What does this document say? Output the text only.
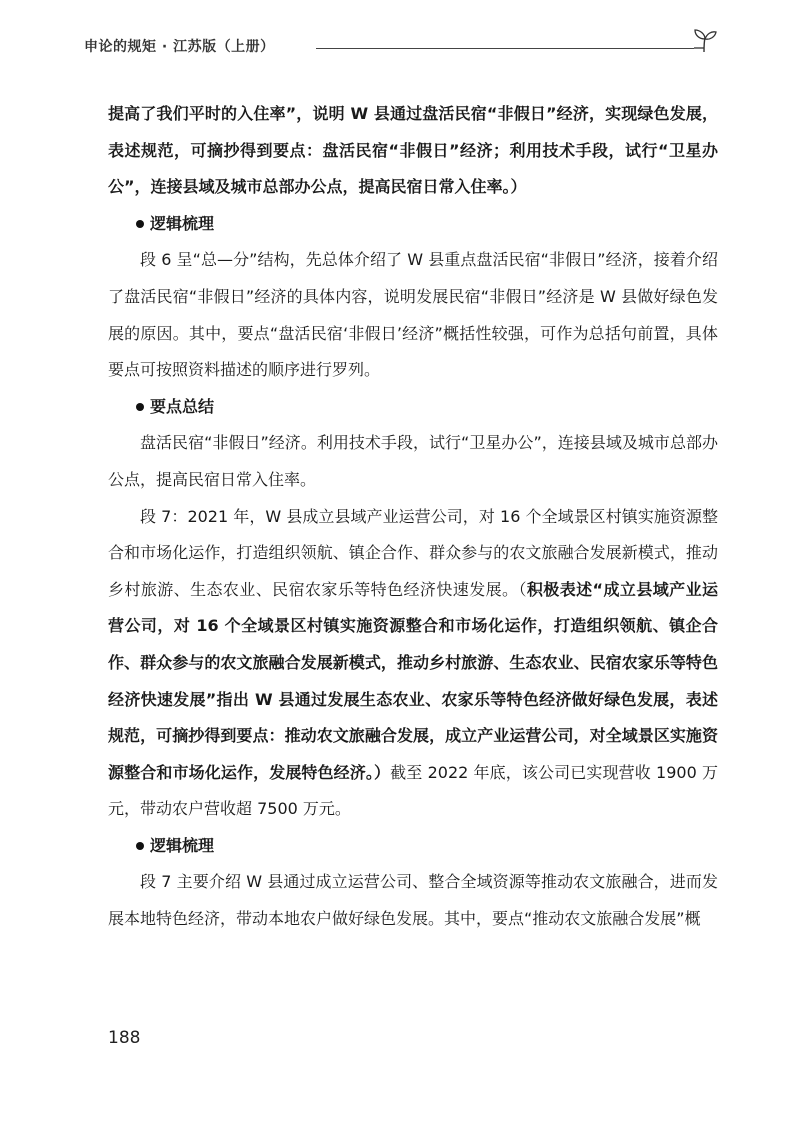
申论的规矩 · 江苏版（上册）

提高了我们平时的入住率”，说明 W 县通过盘活民宿“非假日”经济，实现绿色发展，表述规范，可摘抄得到要点：盘活民宿“非假日”经济；利用技术手段，试行“卫星办公”，连接县域及城市总部办公点，提高民宿日常入住率。）

逻辑梳理

段 6 呈“总—分”结构，先总体介绍了 W 县重点盘活民宿“非假日”经济，接着介绍了盘活民宿“非假日”经济的具体内容，说明发展民宿“非假日”经济是 W 县做好绿色发展的原因。其中，要点“盘活民宿‘非假日’经济”概括性较强，可作为总括句前置，具体要点可按照资料描述的顺序进行罗列。

要点总结

盘活民宿“非假日”经济。利用技术手段，试行“卫星办公”，连接县域及城市总部办公点，提高民宿日常入住率。

段 7：2021 年，W 县成立县域产业运营公司，对 16 个全域景区村镇实施资源整合和市场化运作，打造组织领航、镇企合作、群众参与的农文旅融合发展新模式，推动乡村旅游、生态农业、民宿农家乐等特色经济快速发展。（积极表述“成立县域产业运营公司，对 16 个全域景区村镇实施资源整合和市场化运作，打造组织领航、镇企合作、群众参与的农文旅融合发展新模式，推动乡村旅游、生态农业、民宿农家乐等特色经济快速发展”指出 W 县通过发展生态农业、农家乐等特色经济做好绿色发展，表述规范，可摘抄得到要点：推动农文旅融合发展，成立产业运营公司，对全域景区实施资源整合和市场化运作，发展特色经济。）截至 2022 年底，该公司已实现营收 1900 万元，带动农户营收超 7500 万元。

逻辑梳理

段 7 主要介绍 W 县通过成立运营公司、整合全域资源等推动农文旅融合，进而发展本地特色经济，带动本地农户做好绿色发展。其中，要点“推动农文旅融合发展”概

188
